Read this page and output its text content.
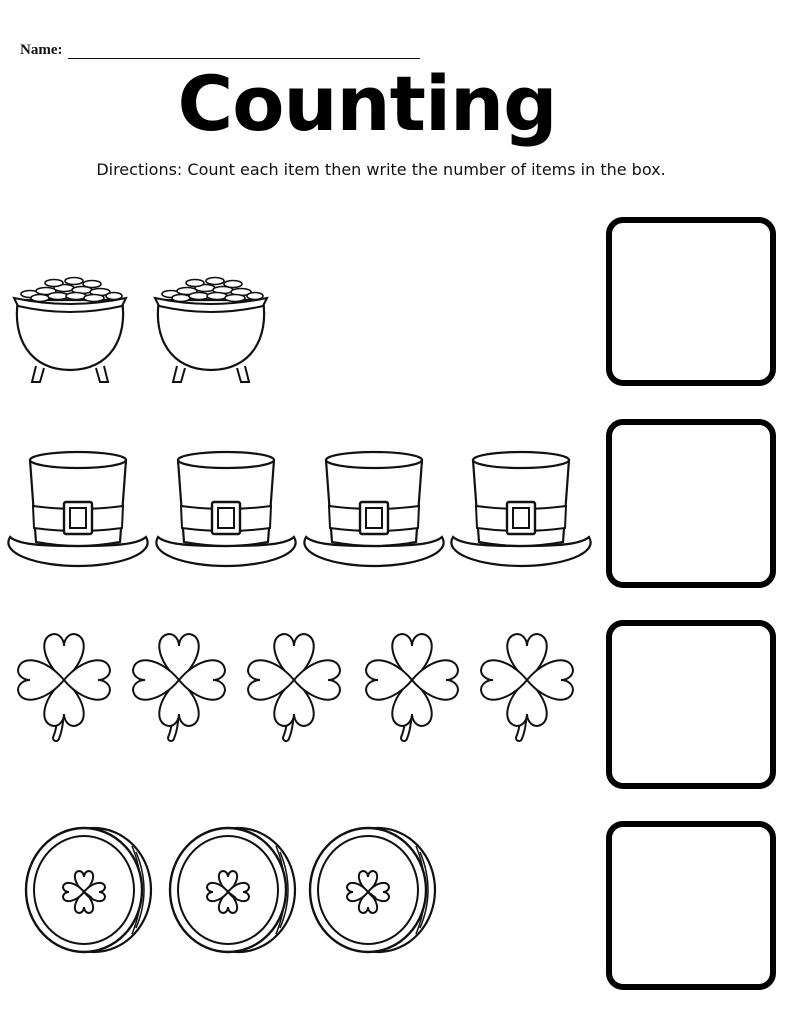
Name:
Counting
Directions: Count each item then write the number of items in the box.
